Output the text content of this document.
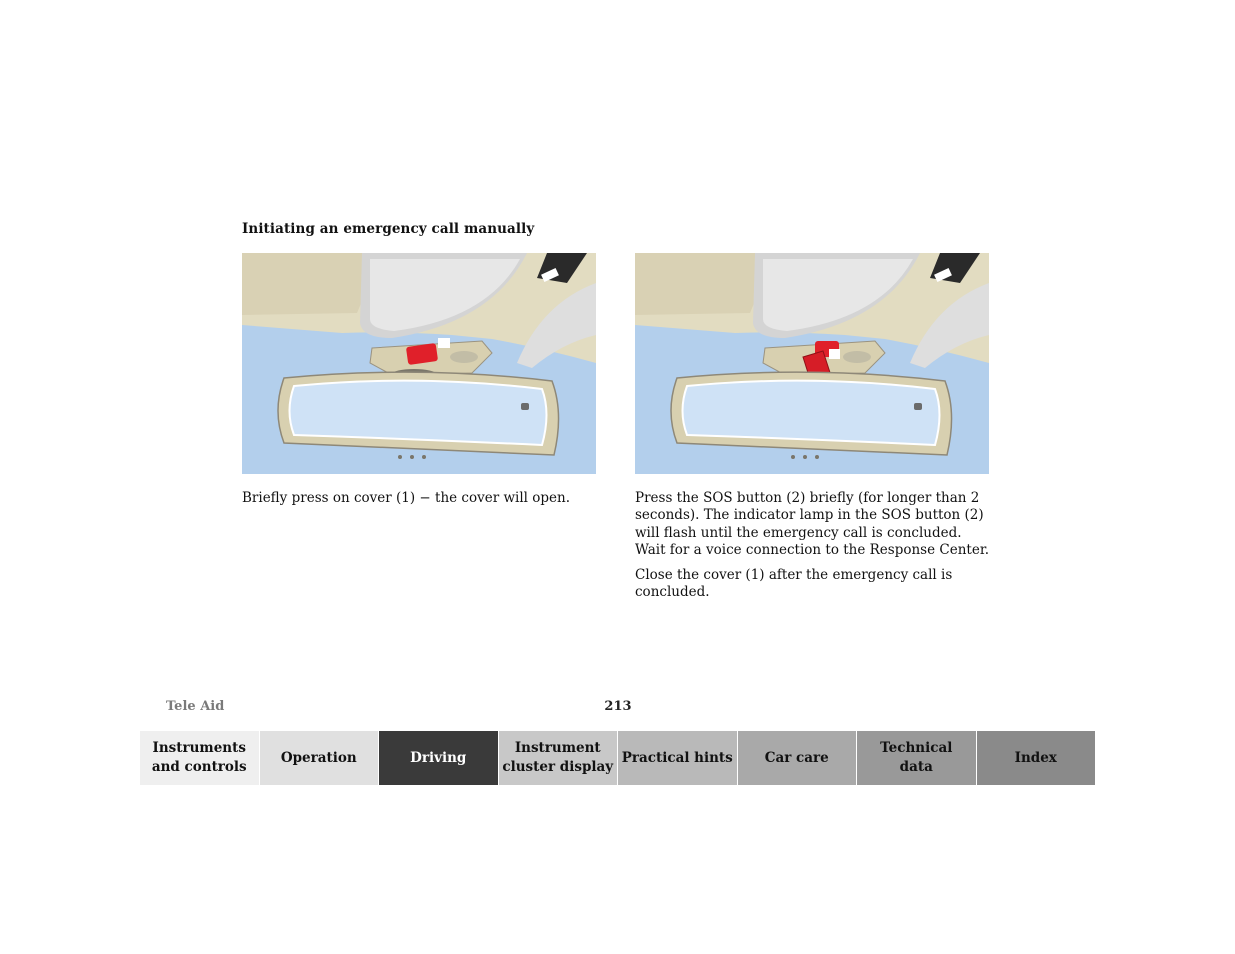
Initiating an emergency call manually

Briefly press on cover (1) − the cover will open.	Press the SOS button (2) briefly (for longer than 2 seconds). The indicator lamp in the SOS button (2) will flash until the emergency call is concluded. Wait for a voice connection to the Response Center.

Close the cover (1) after the emergency call is concluded.

Tele Aid	213
Instruments
and controls
Operation	Driving
Instrument
cluster display
Practical hints	Car care
Technical
data
Index
